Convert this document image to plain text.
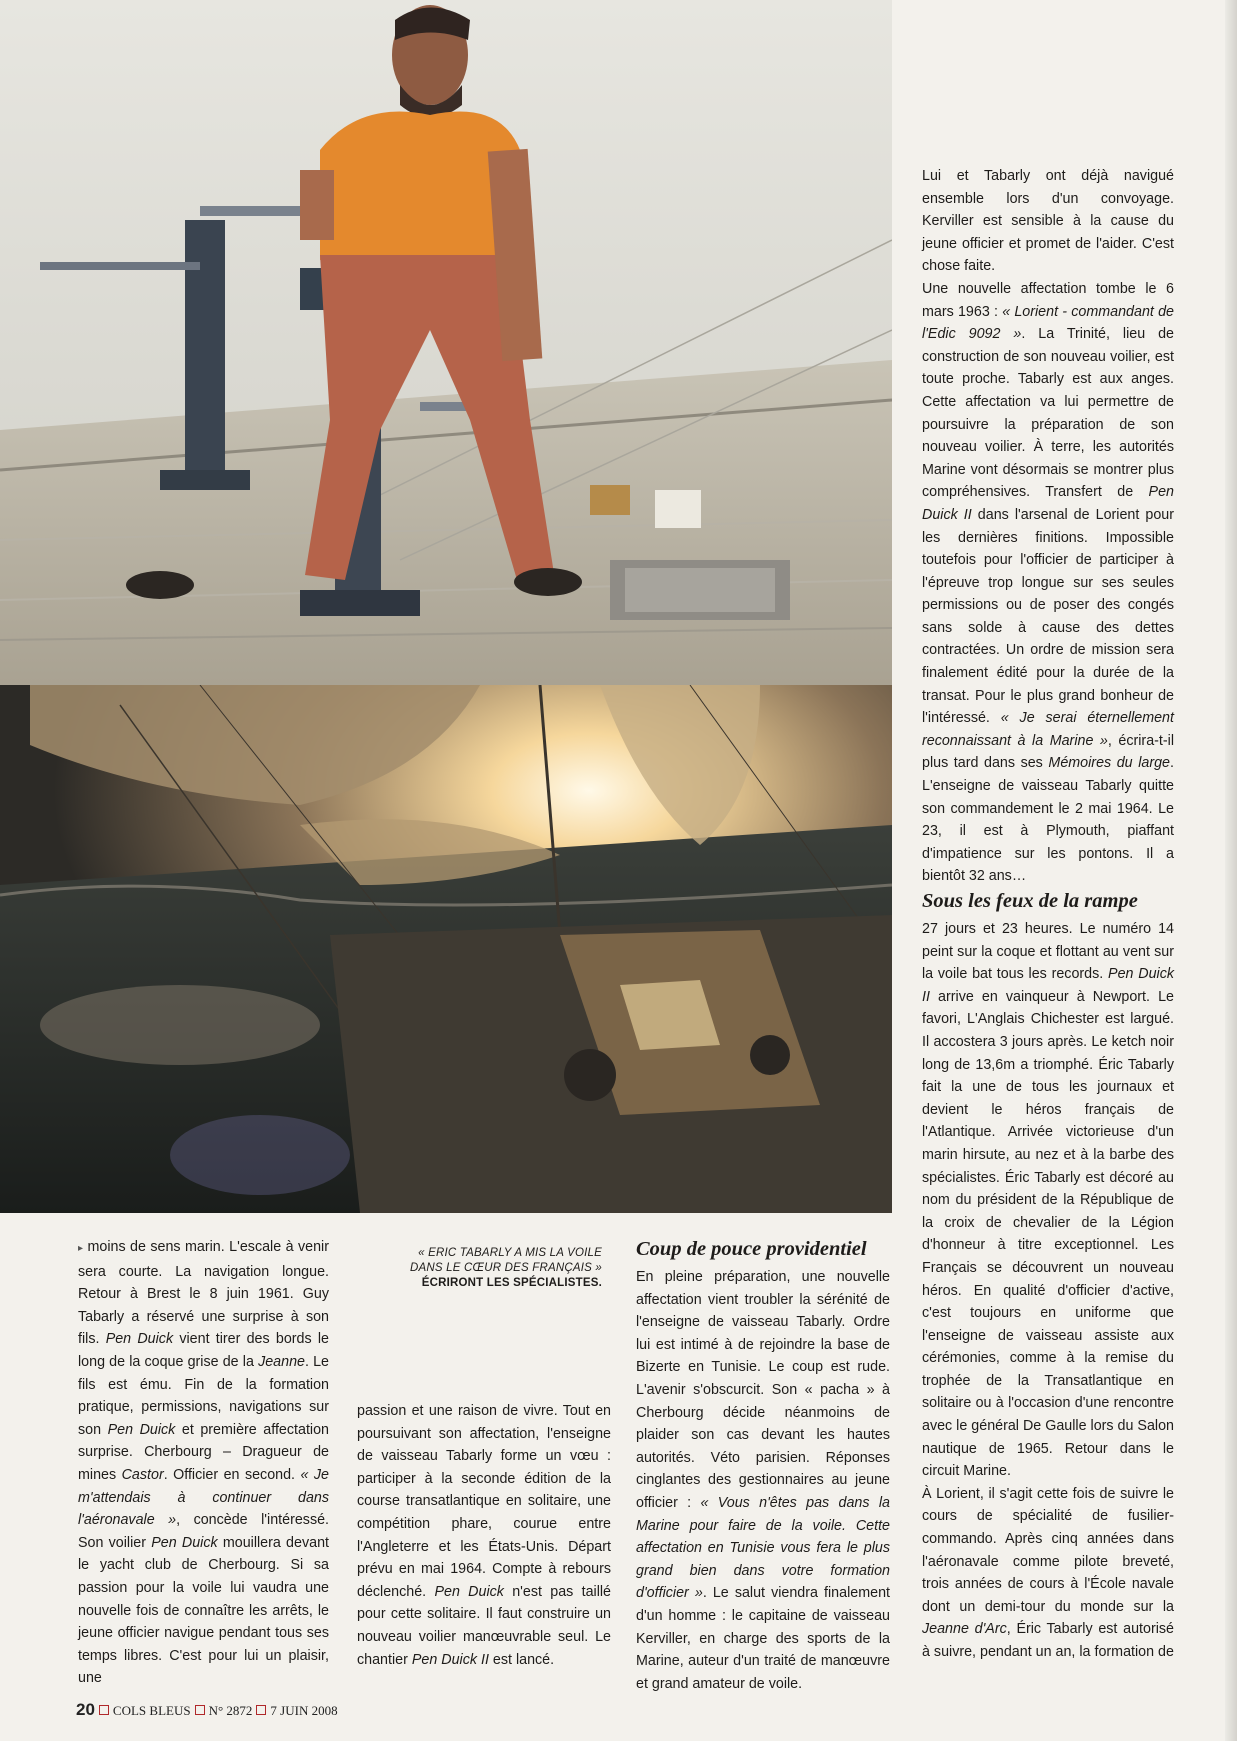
Lui et Tabarly ont déjà navigué ensemble lors d'un convoyage. Kerviller est sensible à la cause du jeune officier et promet de l'aider. C'est chose faite.

Une nouvelle affectation tombe le 6 mars 1963 : « Lorient - commandant de l'Edic 9092 ». La Trinité, lieu de construction de son nouveau voilier, est toute proche. Tabarly est aux anges. Cette affectation va lui permettre de poursuivre la préparation de son nouveau voilier. À terre, les autorités Marine vont désormais se montrer plus compréhensives. Transfert de Pen Duick II dans l'arsenal de Lorient pour les dernières finitions. Impossible toutefois pour l'officier de participer à l'épreuve trop longue sur ses seules permissions ou de poser des congés sans solde à cause des dettes contractées. Un ordre de mission sera finalement édité pour la durée de la transat. Pour le plus grand bonheur de l'intéressé. « Je serai éternellement reconnaissant à la Marine », écrira-t-il plus tard dans ses Mémoires du large. L'enseigne de vaisseau Tabarly quitte son commandement le 2 mai 1964. Le 23, il est à Plymouth, piaffant d'impatience sur les pontons. Il a bientôt 32 ans…

Sous les feux de la rampe

27 jours et 23 heures. Le numéro 14 peint sur la coque et flottant au vent sur la voile bat tous les records. Pen Duick II arrive en vainqueur à Newport. Le favori, L'Anglais Chichester est largué. Il accostera 3 jours après. Le ketch noir long de 13,6m a triomphé. Éric Tabarly fait la une de tous les journaux et devient le héros français de l'Atlantique. Arrivée victorieuse d'un marin hirsute, au nez et à la barbe des spécialistes. Éric Tabarly est décoré au nom du président de la République de la croix de chevalier de la Légion d'honneur à titre exceptionnel. Les Français se découvrent un nouveau héros. En qualité d'officier d'active, c'est toujours en uniforme que l'enseigne de vaisseau assiste aux cérémonies, comme à la remise du trophée de la Transatlantique en solitaire ou à l'occasion d'une rencontre avec le général De Gaulle lors du Salon nautique de 1965. Retour dans le circuit Marine.

À Lorient, il s'agit cette fois de suivre le cours de spécialité de fusilier-commando. Après cinq années dans l'aéronavale comme pilote breveté, trois années de cours à l'École navale dont un demi-tour du monde sur la Jeanne d'Arc, Éric Tabarly est autorisé à suivre, pendant un an, la formation de

▸ moins de sens marin. L'escale à venir sera courte. La navigation longue. Retour à Brest le 8 juin 1961. Guy Tabarly a réservé une surprise à son fils. Pen Duick vient tirer des bords le long de la coque grise de la Jeanne. Le fils est ému. Fin de la formation pratique, permissions, navigations sur son Pen Duick et première affectation surprise. Cherbourg – Dragueur de mines Castor. Officier en second. « Je m'attendais à continuer dans l'aéronavale », concède l'intéressé. Son voilier Pen Duick mouillera devant le yacht club de Cherbourg. Si sa passion pour la voile lui vaudra une nouvelle fois de connaître les arrêts, le jeune officier navigue pendant tous ses temps libres. C'est pour lui un plaisir, une

« ERIC TABARLY A MIS LA VOILE DANS LE CŒUR DES FRANÇAIS »
ÉCRIRONT LES SPÉCIALISTES.

passion et une raison de vivre. Tout en poursuivant son affectation, l'enseigne de vaisseau Tabarly forme un vœu : participer à la seconde édition de la course transatlantique en solitaire, une compétition phare, courue entre l'Angleterre et les États-Unis. Départ prévu en mai 1964. Compte à rebours déclenché. Pen Duick n'est pas taillé pour cette solitaire. Il faut construire un nouveau voilier manœuvrable seul. Le chantier Pen Duick II est lancé.

Coup de pouce providentiel

En pleine préparation, une nouvelle affectation vient troubler la sérénité de l'enseigne de vaisseau Tabarly. Ordre lui est intimé à de rejoindre la base de Bizerte en Tunisie. Le coup est rude. L'avenir s'obscurcit. Son « pacha » à Cherbourg décide néanmoins de plaider son cas devant les hautes autorités. Véto parisien. Réponses cinglantes des gestionnaires au jeune officier : « Vous n'êtes pas dans la Marine pour faire de la voile. Cette affectation en Tunisie vous fera le plus grand bien dans votre formation d'officier ». Le salut viendra finalement d'un homme : le capitaine de vaisseau Kerviller, en charge des sports de la Marine, auteur d'un traité de manœuvre et grand amateur de voile.

20 COLS BLEUS N° 2872 7 JUIN 2008
